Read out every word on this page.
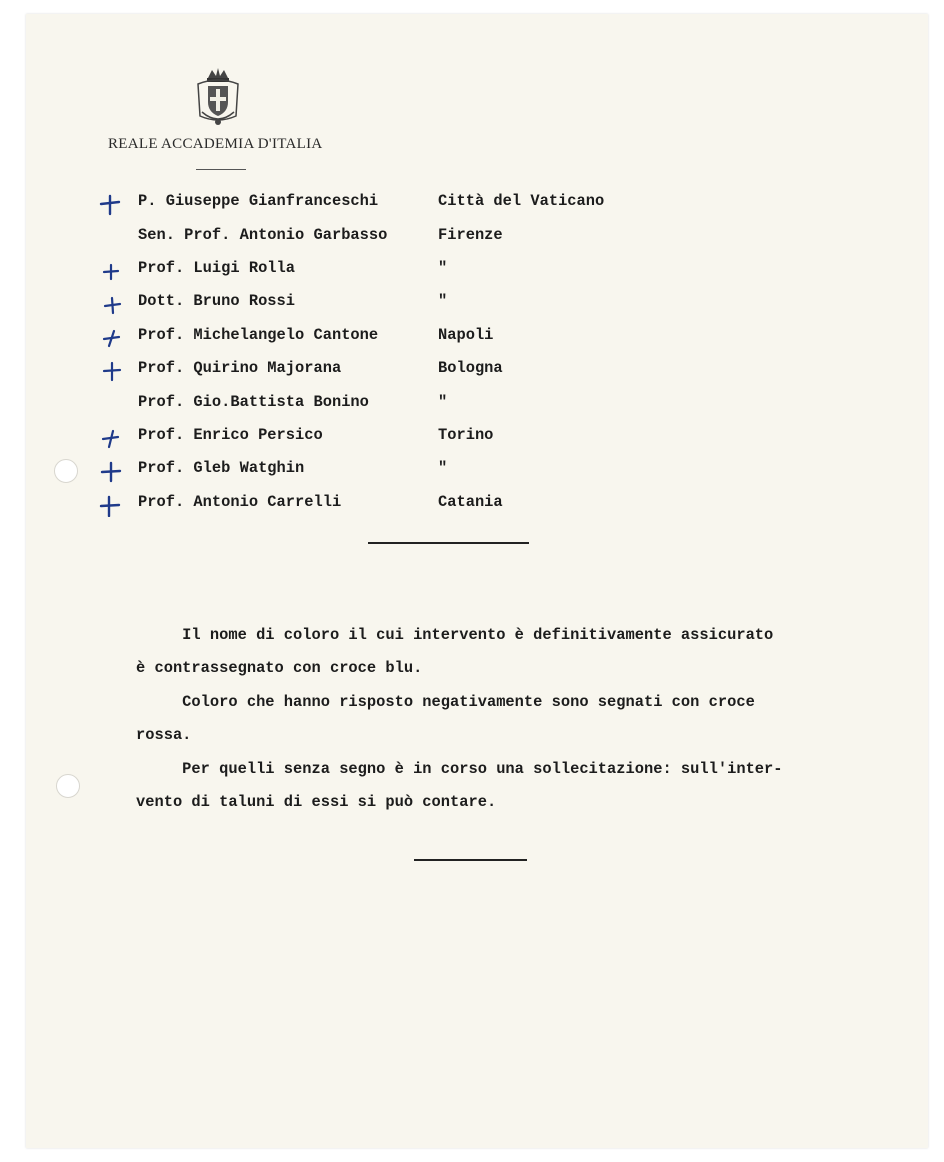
REALE ACCADEMIA D'ITALIA
P. Giuseppe Gianfranceschi	Città del Vaticano
Sen. Prof. Antonio Garbasso	Firenze
Prof. Luigi Rolla	"
Dott. Bruno Rossi	"
Prof. Michelangelo Cantone	Napoli
Prof. Quirino Majorana	Bologna
Prof. Gio.Battista Bonino	"
Prof. Enrico Persico	Torino
Prof. Gleb Watghin	"
Prof. Antonio Carrelli	Catania
Il nome di coloro il cui intervento è definitivamente assicurato
è contrassegnato con croce blu.
Coloro che hanno risposto negativamente sono segnati con croce
rossa.
Per quelli senza segno è in corso una sollecitazione: sull'inter-
vento di taluni di essi si può contare.
